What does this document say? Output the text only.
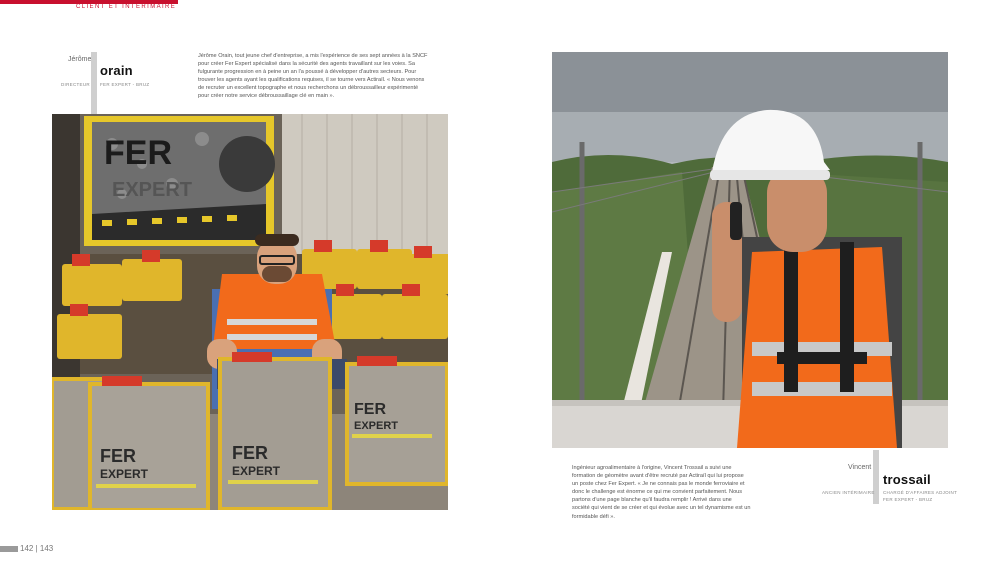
CLIENT ET INTÉRIMAIRE
Jérôme
orain
DIRECTEUR FER EXPERT - BRUZ
Jérôme Orain, tout jeune chef d'entreprise, a mis l'expérience de ses sept années à la SNCF
pour créer Fer Expert spécialisé dans la sécurité des agents travaillant sur les voies. Sa
fulgurante progression en à peine un an l'a poussé à développer d'autres secteurs. Pour
trouver les agents ayant les qualifications requises, il se tourne vers Actiraïl. « Nous venons
de recruter un excellent topographe et nous recherchons un débroussailleur expérimenté
pour créer notre service débroussaillage clé en main ».
FER
EXPERT
FER
EXPERT
FER
EXPERT
FER
EXPERT
Ingénieur agroalimentaire à l'origine, Vincent Trossail a suivi une
formation de géomètre avant d'être recruté par Actiraïl qui lui propose
un poste chez Fer Expert. « Je ne connais pas le monde ferroviaire et
donc le challenge est énorme ce qui me convient parfaitement. Nous
partons d'une page blanche qu'il faudra remplir ! Arrivé dans une
société qui vient de se créer et qui évolue avec un tel dynamisme est un
formidable défi ».
Vincent
trossail
ANCIEN INTÉRIMAIRE CHARGÉ D'AFFAIRES ADJOINT
FER EXPERT - BRUZ
142 | 143
